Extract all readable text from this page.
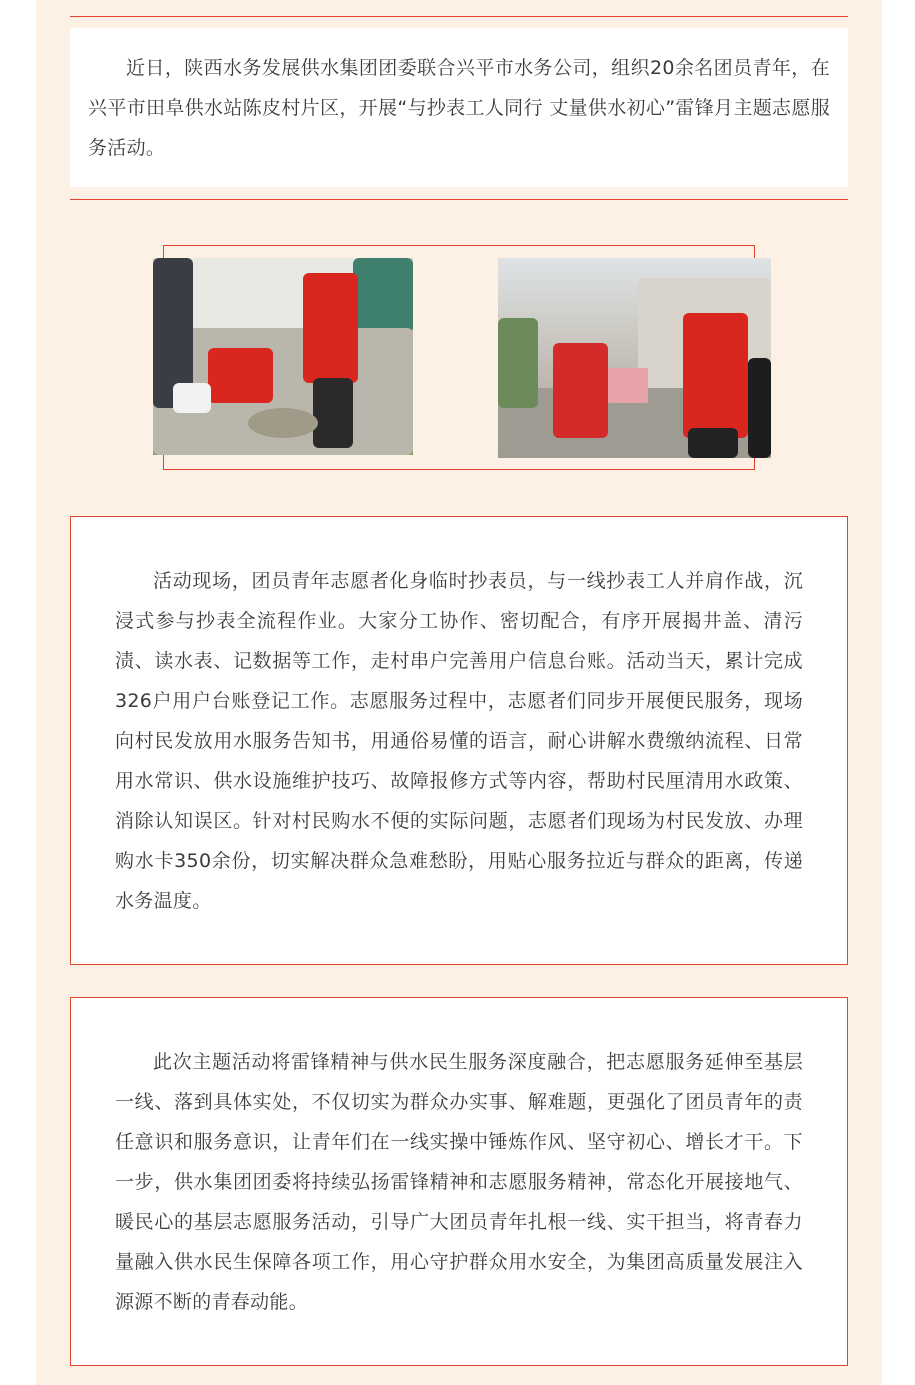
近日，陕西水务发展供水集团团委联合兴平市水务公司，组织20余名团员青年，在兴平市田阜供水站陈皮村片区，开展“与抄表工人同行 丈量供水初心”雷锋月主题志愿服务活动。

活动现场，团员青年志愿者化身临时抄表员，与一线抄表工人并肩作战，沉浸式参与抄表全流程作业。大家分工协作、密切配合，有序开展揭井盖、清污渍、读水表、记数据等工作，走村串户完善用户信息台账。活动当天，累计完成326户用户台账登记工作。志愿服务过程中，志愿者们同步开展便民服务，现场向村民发放用水服务告知书，用通俗易懂的语言，耐心讲解水费缴纳流程、日常用水常识、供水设施维护技巧、故障报修方式等内容，帮助村民厘清用水政策、消除认知误区。针对村民购水不便的实际问题，志愿者们现场为村民发放、办理购水卡350余份，切实解决群众急难愁盼，用贴心服务拉近与群众的距离，传递水务温度。

此次主题活动将雷锋精神与供水民生服务深度融合，把志愿服务延伸至基层一线、落到具体实处，不仅切实为群众办实事、解难题，更强化了团员青年的责任意识和服务意识，让青年们在一线实操中锤炼作风、坚守初心、增长才干。下一步，供水集团团委将持续弘扬雷锋精神和志愿服务精神，常态化开展接地气、暖民心的基层志愿服务活动，引导广大团员青年扎根一线、实干担当，将青春力量融入供水民生保障各项工作，用心守护群众用水安全，为集团高质量发展注入源源不断的青春动能。
